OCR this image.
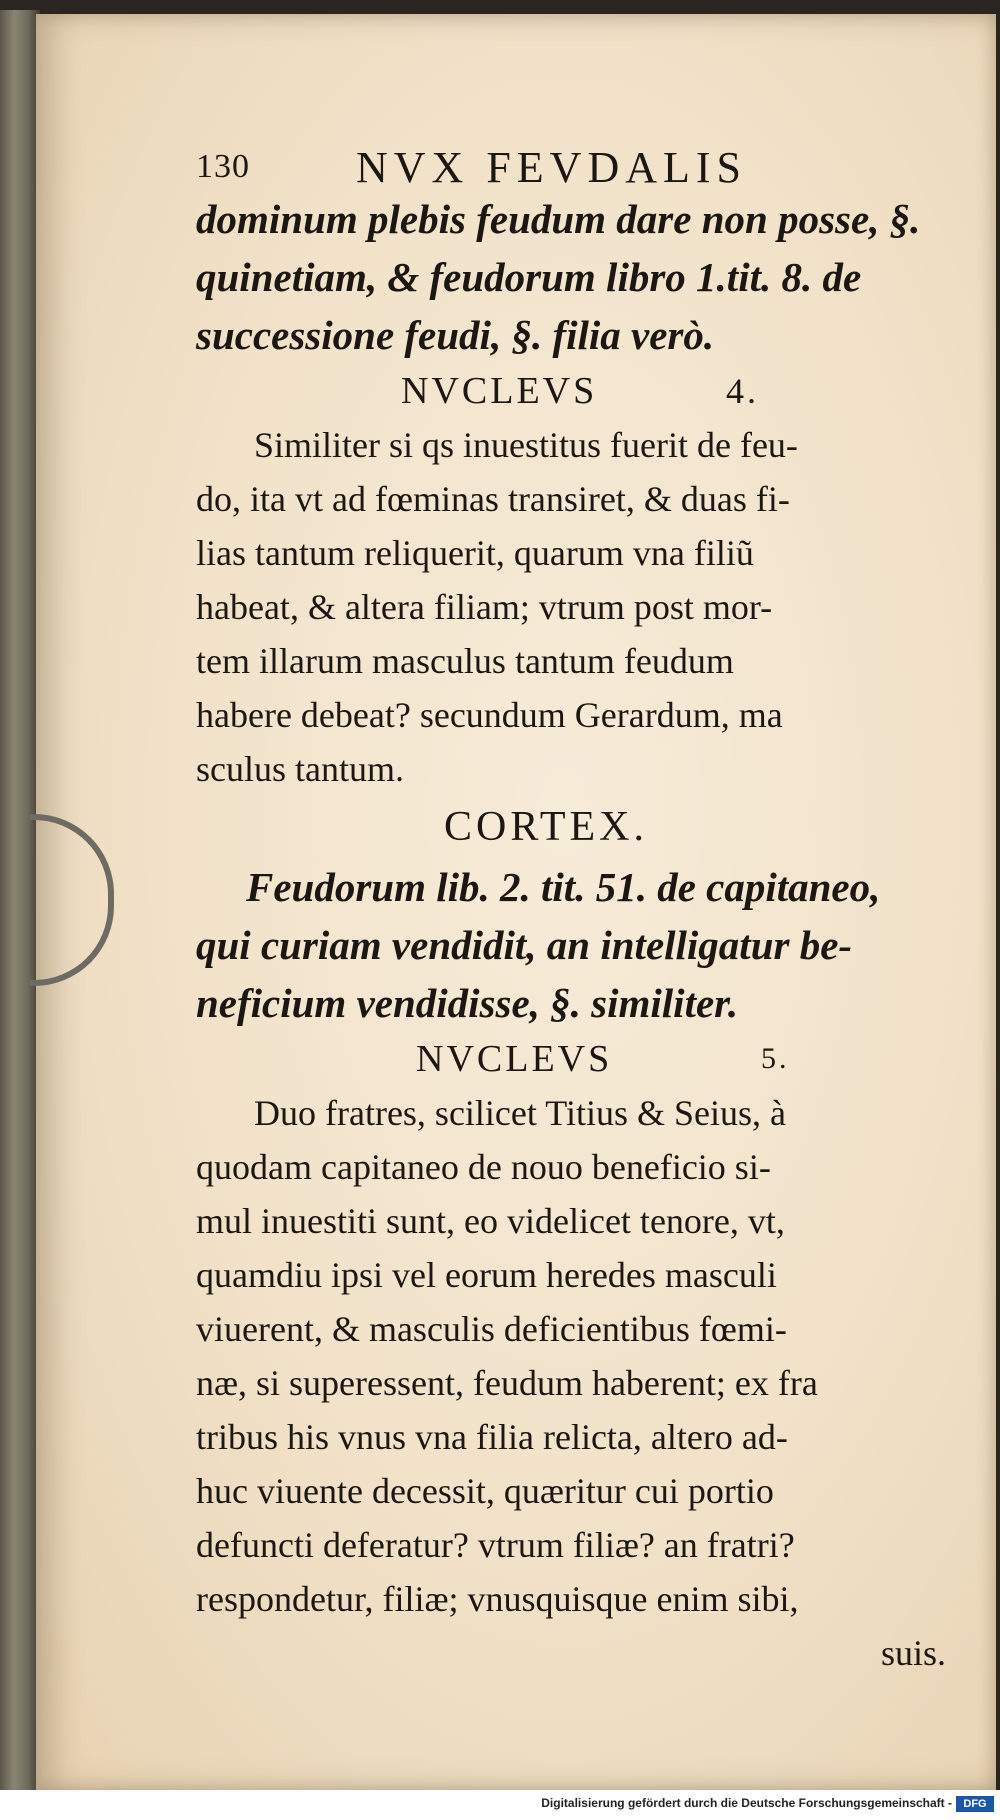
130 NVX FEVDALIS
dominum plebis feudum dare non posse, §.
quinetiam, & feudorum libro 1.tit. 8. de
successione feudi, §. filia verò.
NVCLEVS	4.
Similiter si qs inuestitus fuerit de feu-
do, ita vt ad fœminas transiret, & duas fi-
lias tantum reliquerit, quarum vna filiũ
habeat, & altera filiam; vtrum post mor-
tem illarum masculus tantum feudum
habere debeat? secundum Gerardum, ma
sculus tantum.
CORTEX.
Feudorum lib. 2. tit. 51. de capitaneo,
qui curiam vendidit, an intelligatur be-
neficium vendidisse, §. similiter.
NVCLEVS	5.
Duo fratres, scilicet Titius & Seius, à
quodam capitaneo de nouo beneficio si-
mul inuestiti sunt, eo videlicet tenore, vt,
quamdiu ipsi vel eorum heredes masculi
viuerent, & masculis deficientibus fœmi-
næ, si superessent, feudum haberent; ex fra
tribus his vnus vna filia relicta, altero ad-
huc viuente decessit, quæritur cui portio
defuncti deferatur? vtrum filiæ? an fratri?
respondetur, filiæ; vnusquisque enim sibi,
suis.
Digitalisierung gefördert durch die Deutsche Forschungsgemeinschaft -	DFG
